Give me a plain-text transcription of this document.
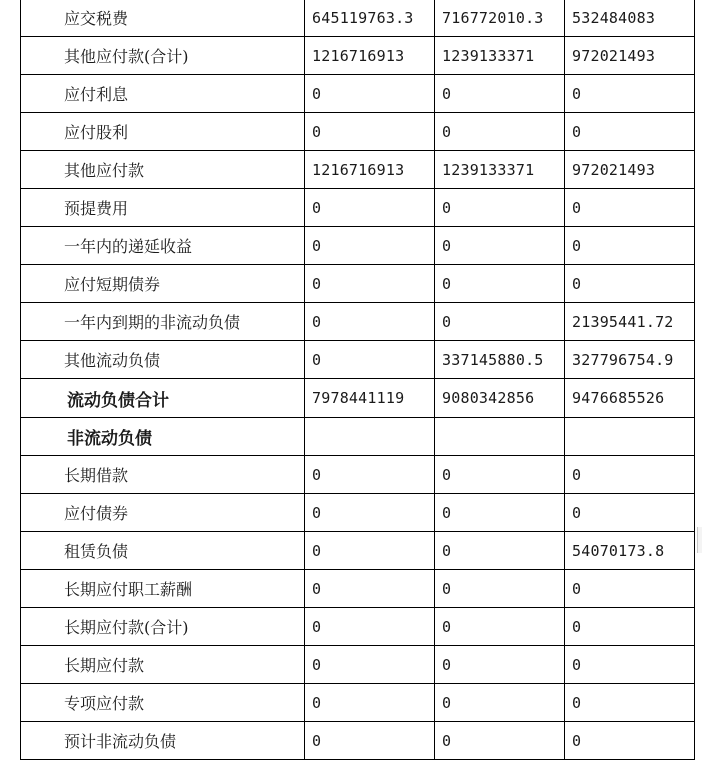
应交税费	645119763.3	716772010.3	532484083
其他应付款(合计)	1216716913	1239133371	972021493
应付利息	0	0	0
应付股利	0	0	0
其他应付款	1216716913	1239133371	972021493
预提费用	0	0	0
一年内的递延收益	0	0	0
应付短期债券	0	0	0
一年内到期的非流动负债	0	0	21395441.72
其他流动负债	0	337145880.5	327796754.9
流动负债合计	7978441119	9080342856	9476685526
非流动负债			
长期借款	0	0	0
应付债券	0	0	0
租赁负债	0	0	54070173.8
长期应付职工薪酬	0	0	0
长期应付款(合计)	0	0	0
长期应付款	0	0	0
专项应付款	0	0	0
预计非流动负债	0	0	0
